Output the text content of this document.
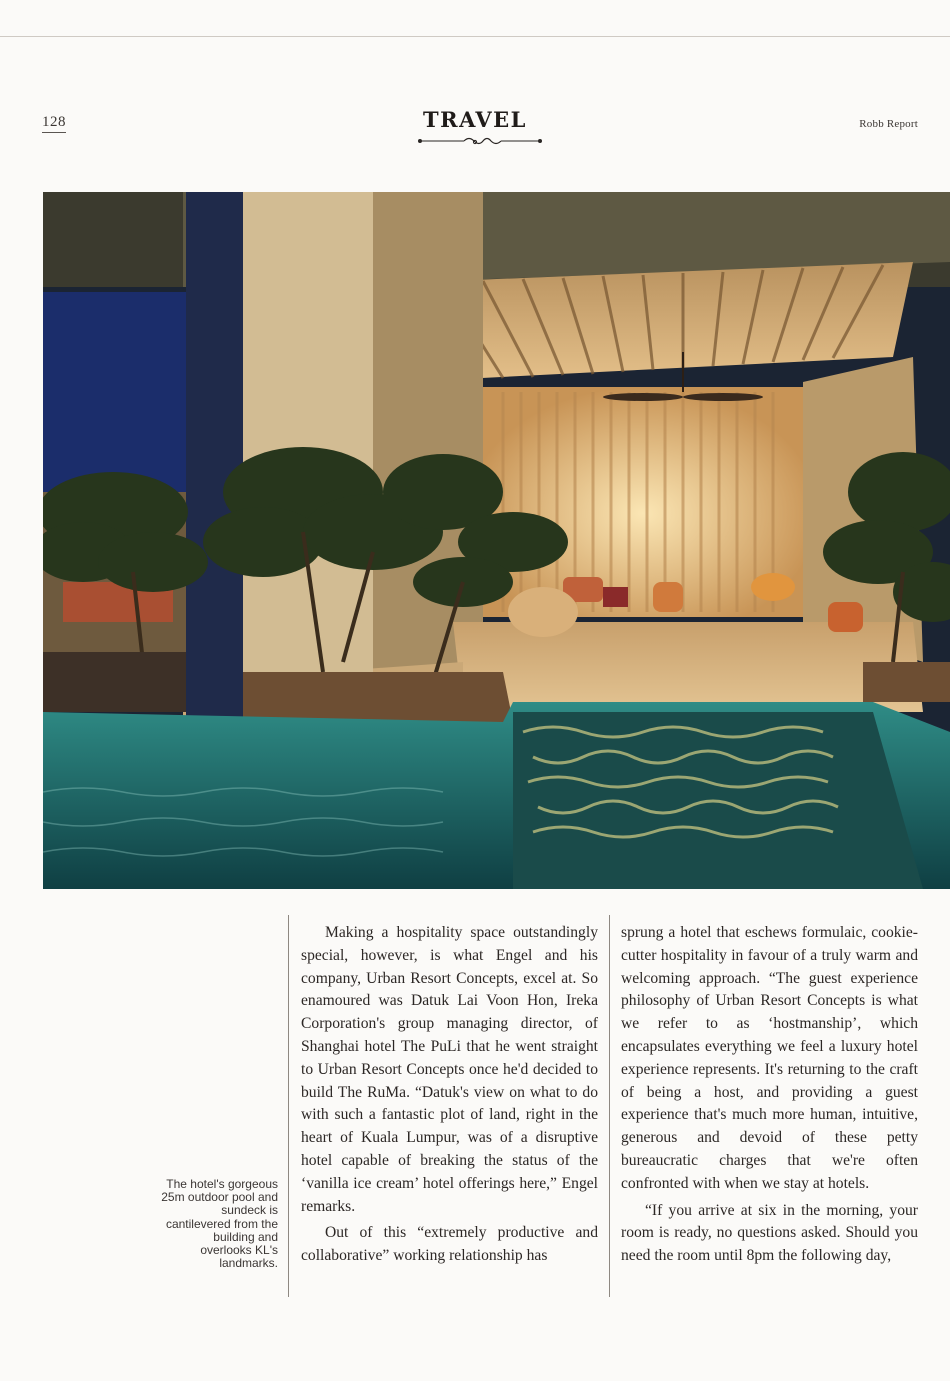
128	TRAVEL	Robb Report
The hotel's gorgeous 25m outdoor pool and sundeck is cantilevered from the building and overlooks KL's landmarks.

Making a hospitality space outstandingly special, however, is what Engel and his company, Urban Resort Concepts, excel at. So enamoured was Datuk Lai Voon Hon, Ireka Corporation's group managing director, of Shanghai hotel The PuLi that he went straight to Urban Resort Concepts once he'd decided to build The RuMa. “Datuk's view on what to do with such a fantastic plot of land, right in the heart of Kuala Lumpur, was of a disruptive hotel capable of breaking the status of the ‘vanilla ice cream’ hotel offerings here,” Engel remarks.

Out of this “extremely productive and collaborative” working relationship has

sprung a hotel that eschews formulaic, cookie-cutter hospitality in favour of a truly warm and welcoming approach. “The guest experience philosophy of Urban Resort Concepts is what we refer to as ‘hostmanship’, which encapsulates everything we feel a luxury hotel experience represents. It's returning to the craft of being a host, and providing a guest experience that's much more human, intuitive, generous and devoid of these petty bureaucratic charges that we're often confronted with when we stay at hotels.

“If you arrive at six in the morning, your room is ready, no questions asked. Should you need the room until 8pm the following day,
